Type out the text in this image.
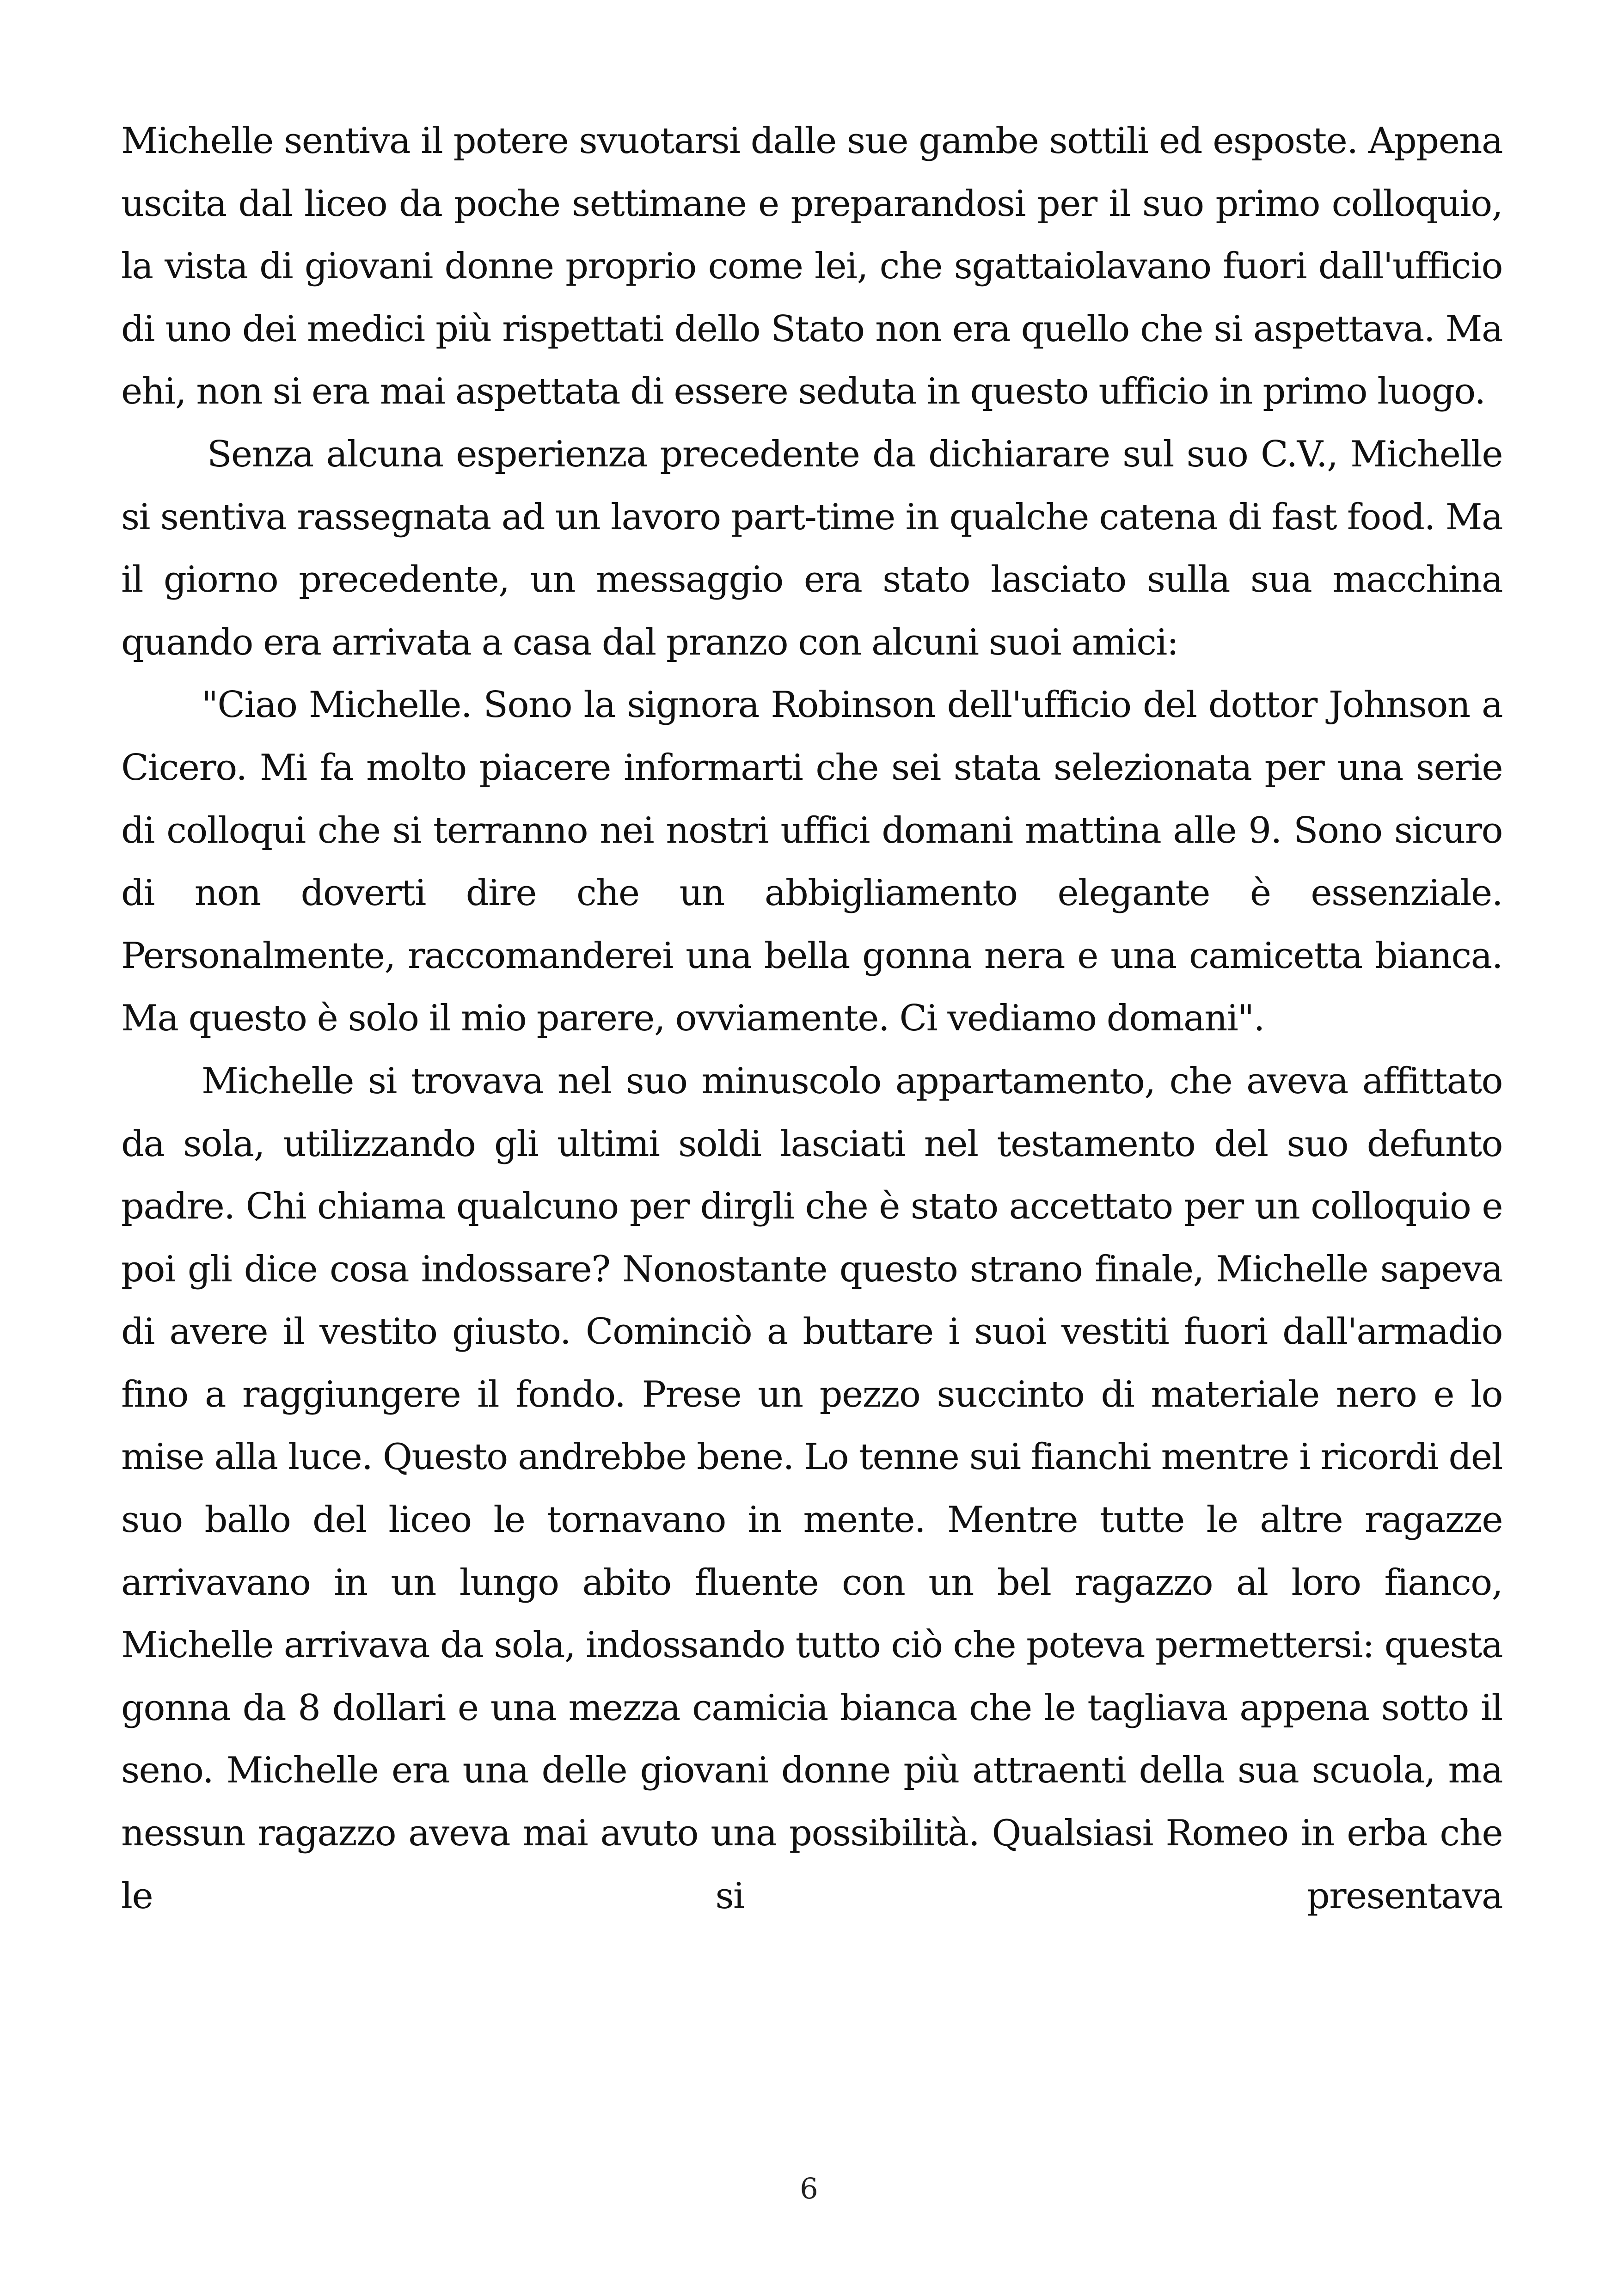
Michelle sentiva il potere svuotarsi dalle sue gambe sottili ed esposte. Appena uscita dal liceo da poche settimane e preparandosi per il suo primo colloquio, la vista di giovani donne proprio come lei, che sgattaiolavano fuori dall'ufficio di uno dei medici più rispettati dello Stato non era quello che si aspettava. Ma ehi, non si era mai aspettata di essere seduta in questo ufficio in primo luogo.

Senza alcuna esperienza precedente da dichiarare sul suo C.V., Michelle si sentiva rassegnata ad un lavoro part-time in qualche catena di fast food. Ma il giorno precedente, un messaggio era stato lasciato sulla sua macchina quando era arrivata a casa dal pranzo con alcuni suoi amici:

"Ciao Michelle. Sono la signora Robinson dell'ufficio del dottor Johnson a Cicero. Mi fa molto piacere informarti che sei stata selezionata per una serie di colloqui che si terranno nei nostri uffici domani mattina alle 9. Sono sicuro di non doverti dire che un abbigliamento elegante è essenziale. Personalmente, raccomanderei una bella gonna nera e una camicetta bianca. Ma questo è solo il mio parere, ovviamente. Ci vediamo domani".

Michelle si trovava nel suo minuscolo appartamento, che aveva affittato da sola, utilizzando gli ultimi soldi lasciati nel testamento del suo defunto padre. Chi chiama qualcuno per dirgli che è stato accettato per un colloquio e poi gli dice cosa indossare? Nonostante questo strano finale, Michelle sapeva di avere il vestito giusto. Cominciò a buttare i suoi vestiti fuori dall'armadio fino a raggiungere il fondo. Prese un pezzo succinto di materiale nero e lo mise alla luce. Questo andrebbe bene. Lo tenne sui fianchi mentre i ricordi del suo ballo del liceo le tornavano in mente. Mentre tutte le altre ragazze arrivavano in un lungo abito fluente con un bel ragazzo al loro fianco, Michelle arrivava da sola, indossando tutto ciò che poteva permettersi: questa gonna da 8 dollari e una mezza camicia bianca che le tagliava appena sotto il seno. Michelle era una delle giovani donne più attraenti della sua scuola, ma nessun ragazzo aveva mai avuto una possibilità. Qualsiasi Romeo in erba che le si presentava

6
